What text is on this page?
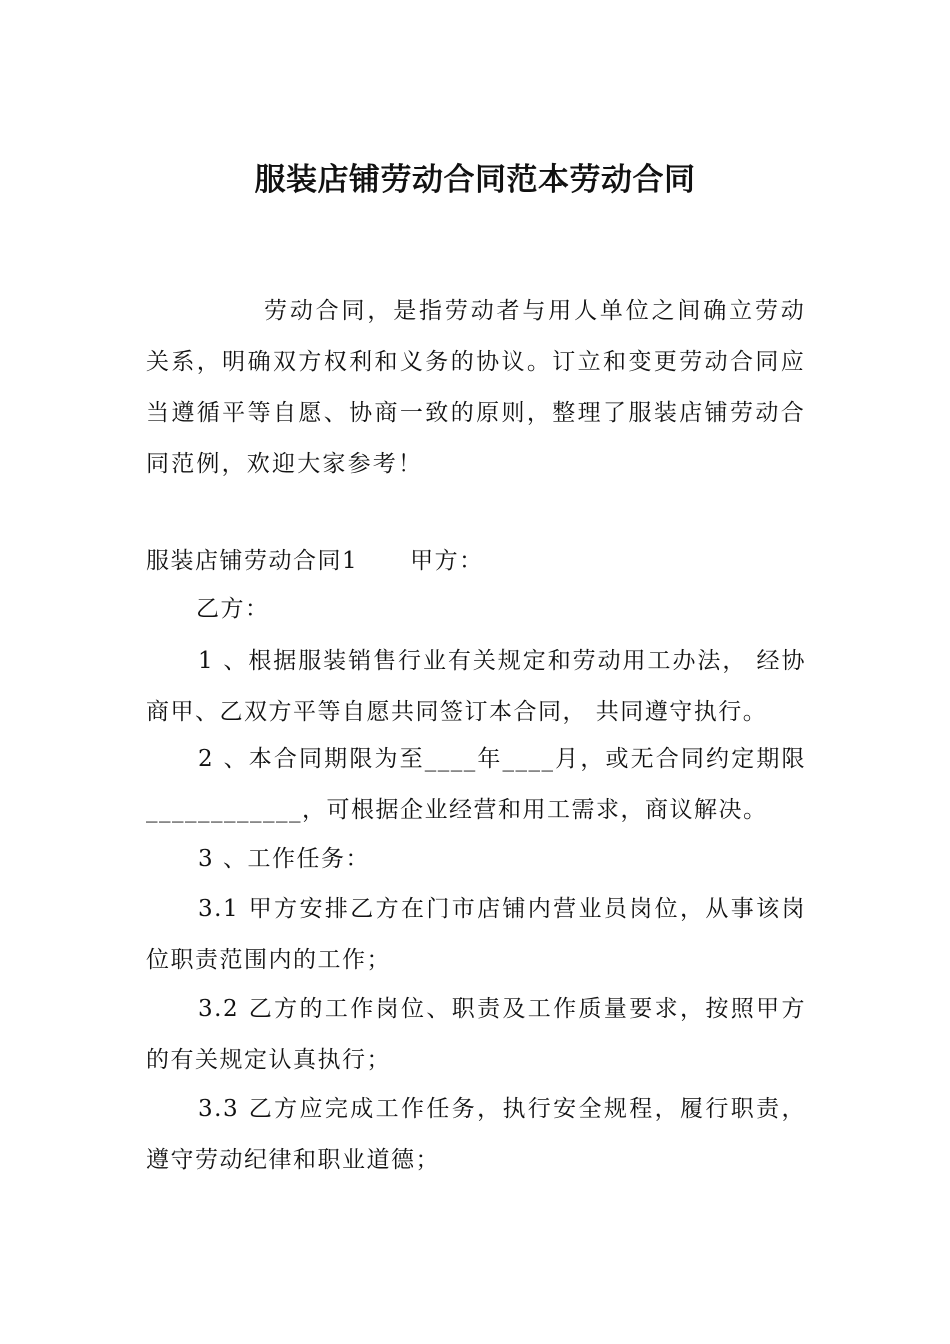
服装店铺劳动合同范本劳动合同

劳动合同，是指劳动者与用人单位之间确立劳动关系，明确双方权利和义务的协议。订立和变更劳动合同应当遵循平等自愿、协商一致的原则，整理了服装店铺劳动合同范例，欢迎大家参考！

服装店铺劳动合同1 甲方：

乙方：

1 、根据服装销售行业有关规定和劳动用工办法， 经协商甲、乙双方平等自愿共同签订本合同， 共同遵守执行。

2 、本合同期限为至____年____月，或无合同约定期限____________，可根据企业经营和用工需求，商议解决。

3 、工作任务：

3.1 甲方安排乙方在门市店铺内营业员岗位，从事该岗位职责范围内的工作；

3.2 乙方的工作岗位、职责及工作质量要求，按照甲方的有关规定认真执行；

3.3 乙方应完成工作任务，执行安全规程，履行职责，遵守劳动纪律和职业道德；
